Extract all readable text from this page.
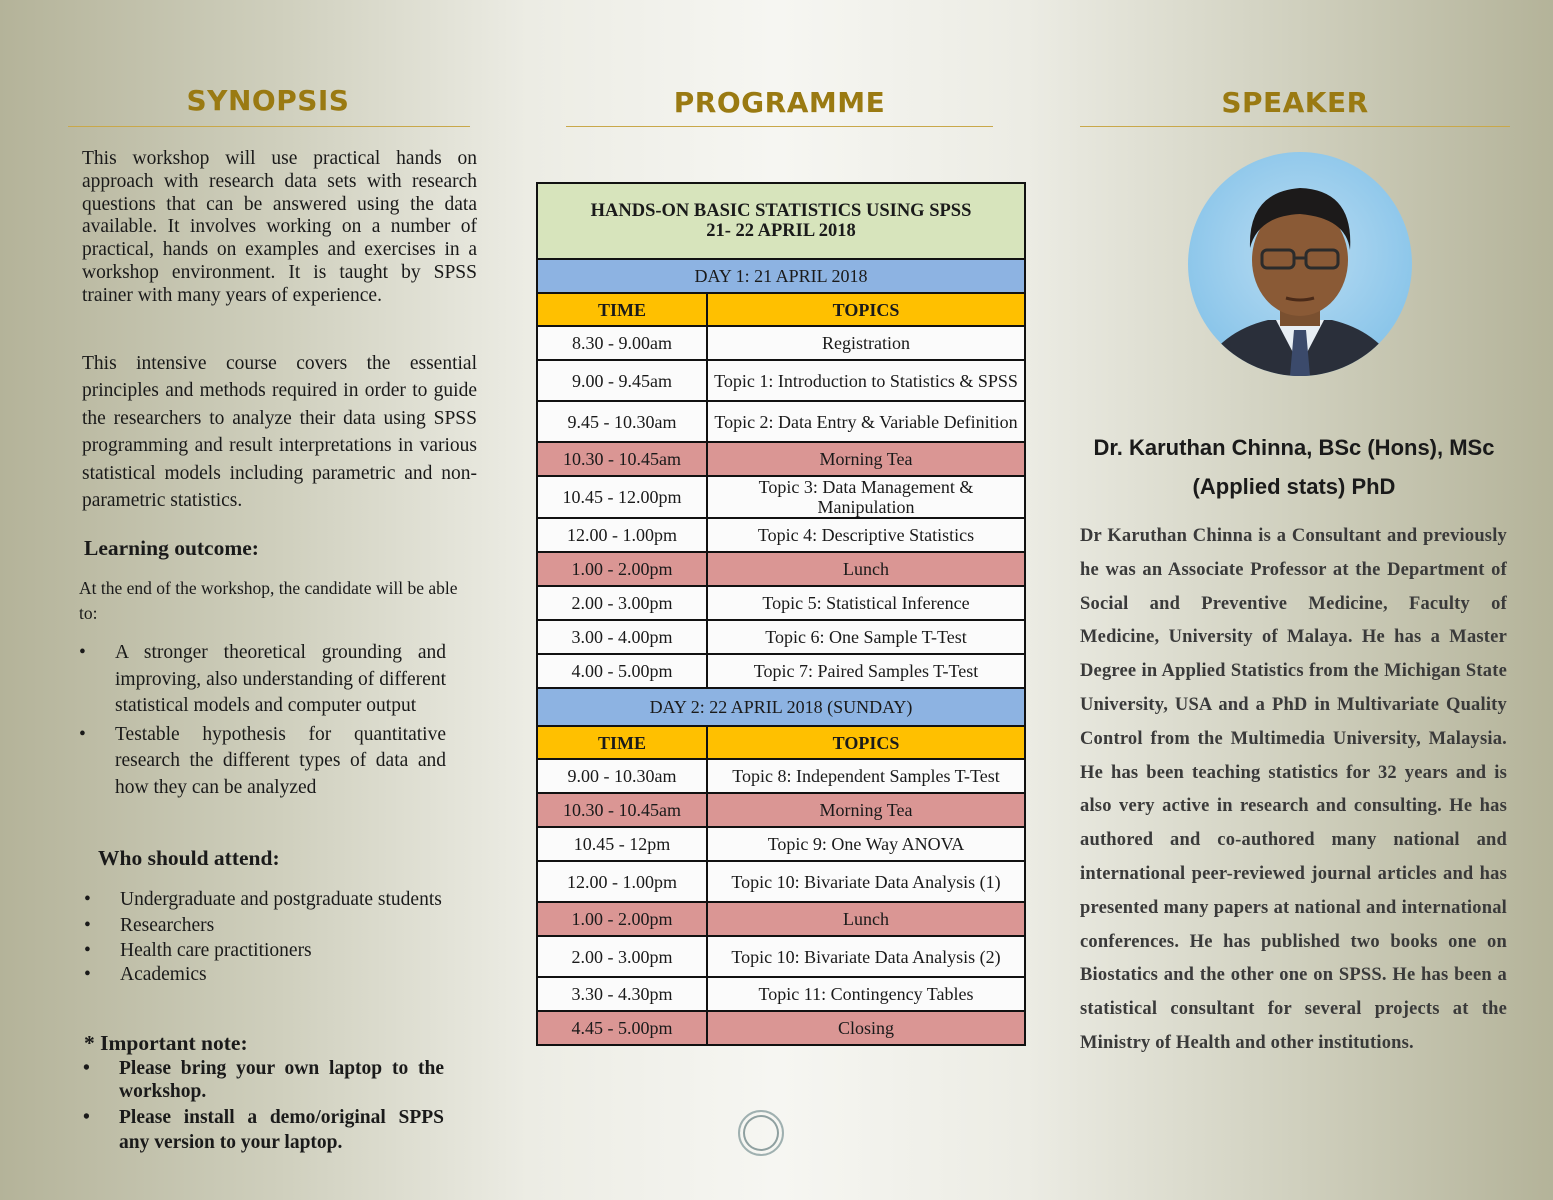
SYNOPSIS
This workshop will use practical hands on approach with research data sets with research questions that can be answered using the data available. It involves working on a number of practical, hands on examples and exercises in a workshop environment. It is taught by SPSS trainer with many years of experience.
This intensive course covers the essential principles and methods required in order to guide the researchers to analyze their data using SPSS programming and result interpretations in various statistical models including parametric and non-parametric statistics.
Learning outcome:
At the end of the workshop, the candidate will be able to:
• A stronger theoretical grounding and improving, also understanding of different statistical models and computer output
• Testable hypothesis for quantitative research the different types of data and how they can be analyzed
Who should attend:
• Undergraduate and postgraduate students
• Researchers
• Health care practitioners
• Academics
* Important note:
• Please bring your own laptop to the workshop.
• Please install a demo/original SPPS any version to your laptop.
PROGRAMME
HANDS-ON BASIC STATISTICS USING SPSS
21- 22 APRIL 2018	
DAY 1: 21 APRIL 2018	
TIME	TOPICS
8.30 - 9.00am	Registration
9.00 - 9.45am	Topic 1: Introduction to Statistics & SPSS
9.45 - 10.30am	Topic 2: Data Entry & Variable Definition
10.30 - 10.45am	Morning Tea
10.45 - 12.00pm	Topic 3: Data Management & Manipulation
12.00 - 1.00pm	Topic 4: Descriptive Statistics
1.00 - 2.00pm	Lunch
2.00 - 3.00pm	Topic 5: Statistical Inference
3.00 - 4.00pm	Topic 6: One Sample T-Test
4.00 - 5.00pm	Topic 7: Paired Samples T-Test
DAY 2: 22 APRIL 2018 (SUNDAY)	
TIME	TOPICS
9.00 - 10.30am	Topic 8: Independent Samples T-Test
10.30 - 10.45am	Morning Tea
10.45 - 12pm	Topic 9: One Way ANOVA
12.00 - 1.00pm	Topic 10: Bivariate Data Analysis (1)
1.00 - 2.00pm	Lunch
2.00 - 3.00pm	Topic 10: Bivariate Data Analysis (2)
3.30 - 4.30pm	Topic 11: Contingency Tables
4.45 - 5.00pm	Closing
SPEAKER
Dr. Karuthan Chinna, BSc (Hons), MSc
(Applied stats) PhD
Dr Karuthan Chinna is a Consultant and previously he was an Associate Professor at the Department of Social and Preventive Medicine, Faculty of Medicine, University of Malaya. He has a Master Degree in Applied Statistics from the Michigan State University, USA and a PhD in Multivariate Quality Control from the Multimedia University, Malaysia. He has been teaching statistics for 32 years and is also very active in research and consulting. He has authored and co-authored many national and international peer-reviewed journal articles and has presented many papers at national and international conferences. He has published two books one on Biostatics and the other one on SPSS. He has been a statistical consultant for several projects at the Ministry of Health and other institutions.
